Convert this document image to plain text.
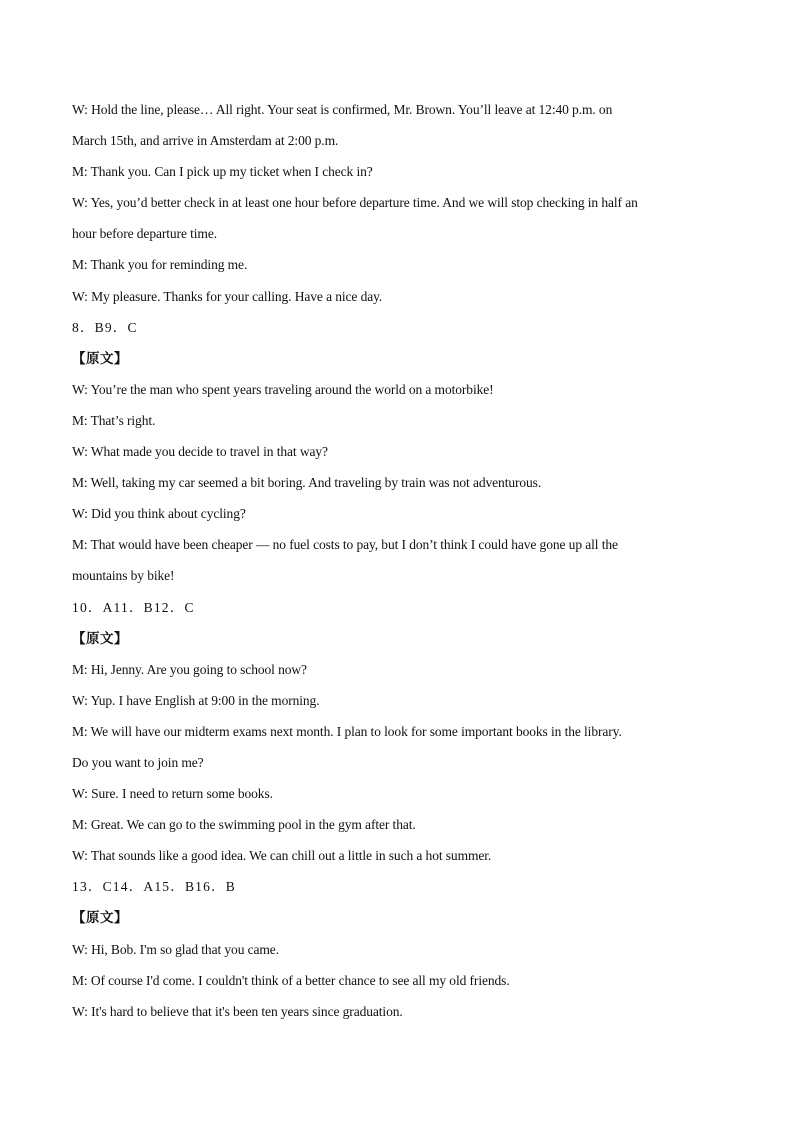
W: Hold the line, please… All right. Your seat is confirmed, Mr. Brown. You’ll leave at 12:40 p.m. on
March 15th, and arrive in Amsterdam at 2:00 p.m.
M: Thank you. Can I pick up my ticket when I check in?
W: Yes, you’d better check in at least one hour before departure time. And we will stop checking in half an
hour before departure time.
M: Thank you for reminding me.
W: My pleasure. Thanks for your calling. Have a nice day.
8．B9．C
【原文】
W: You’re the man who spent years traveling around the world on a motorbike!
M: That’s right.
W: What made you decide to travel in that way?
M: Well, taking my car seemed a bit boring. And traveling by train was not adventurous.
W: Did you think about cycling?
M: That would have been cheaper — no fuel costs to pay, but I don’t think I could have gone up all the
mountains by bike!
10．A11．B12．C
【原文】
M: Hi, Jenny. Are you going to school now?
W: Yup. I have English at 9:00 in the morning.
M: We will have our midterm exams next month. I plan to look for some important books in the library.
Do you want to join me?
W: Sure. I need to return some books.
M: Great. We can go to the swimming pool in the gym after that.
W: That sounds like a good idea. We can chill out a little in such a hot summer.
13．C14．A15．B16．B
【原文】
W: Hi, Bob. I'm so glad that you came.
M: Of course I'd come. I couldn't think of a better chance to see all my old friends.
W: It's hard to believe that it's been ten years since graduation.
